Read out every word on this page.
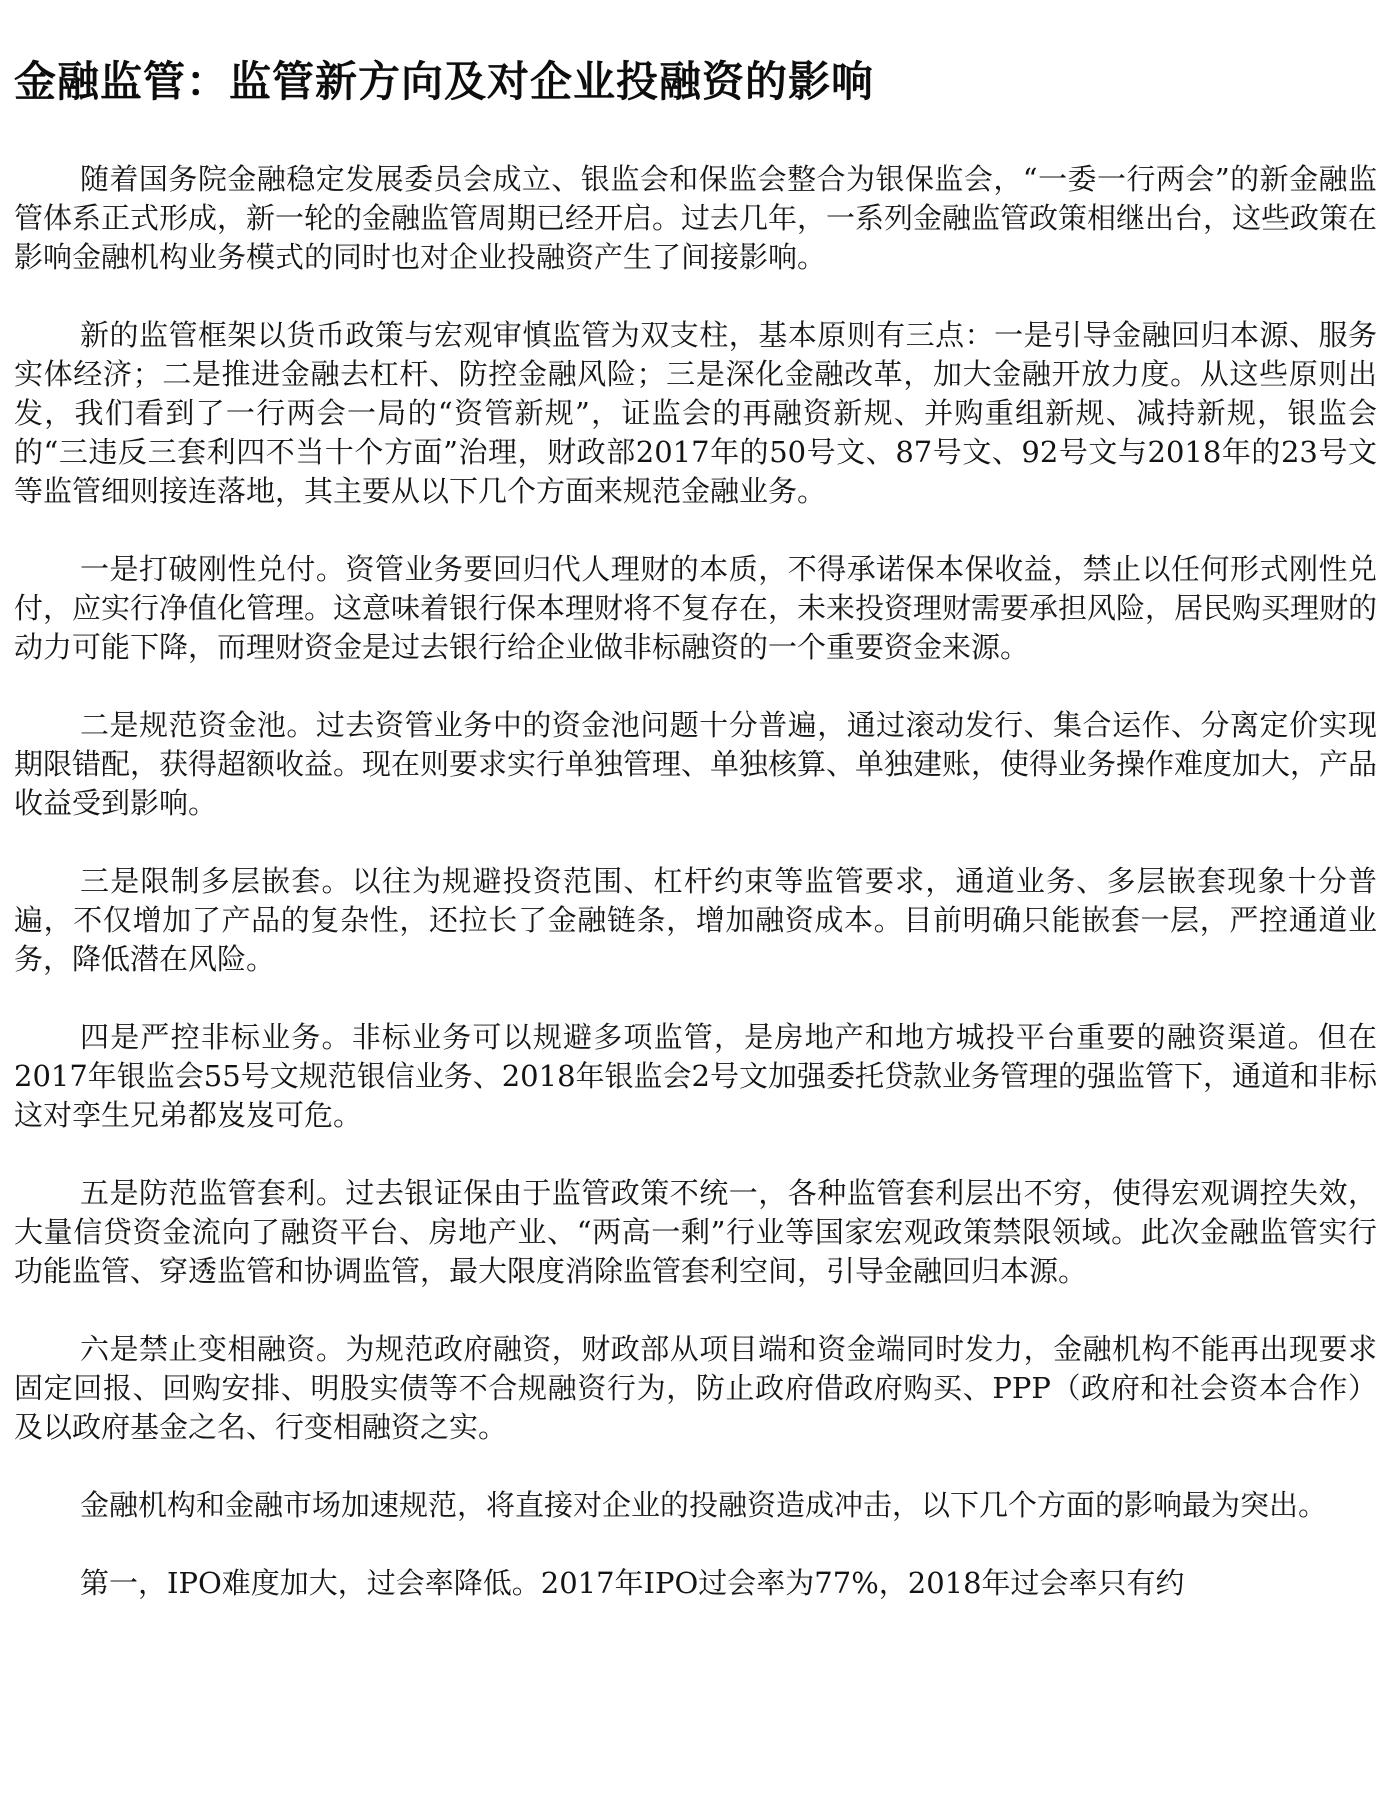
金融监管：监管新方向及对企业投融资的影响

随着国务院金融稳定发展委员会成立、银监会和保监会整合为银保监会，“一委一行两会”的新金融监管体系正式形成，新一轮的金融监管周期已经开启。过去几年，一系列金融监管政策相继出台，这些政策在影响金融机构业务模式的同时也对企业投融资产生了间接影响。

新的监管框架以货币政策与宏观审慎监管为双支柱，基本原则有三点：一是引导金融回归本源、服务实体经济；二是推进金融去杠杆、防控金融风险；三是深化金融改革，加大金融开放力度。从这些原则出发，我们看到了一行两会一局的“资管新规”，证监会的再融资新规、并购重组新规、减持新规，银监会的“三违反三套利四不当十个方面”治理，财政部2017年的50号文、87号文、92号文与2018年的23号文等监管细则接连落地，其主要从以下几个方面来规范金融业务。

一是打破刚性兑付。资管业务要回归代人理财的本质，不得承诺保本保收益，禁止以任何形式刚性兑付，应实行净值化管理。这意味着银行保本理财将不复存在，未来投资理财需要承担风险，居民购买理财的动力可能下降，而理财资金是过去银行给企业做非标融资的一个重要资金来源。

二是规范资金池。过去资管业务中的资金池问题十分普遍，通过滚动发行、集合运作、分离定价实现期限错配，获得超额收益。现在则要求实行单独管理、单独核算、单独建账，使得业务操作难度加大，产品收益受到影响。

三是限制多层嵌套。以往为规避投资范围、杠杆约束等监管要求，通道业务、多层嵌套现象十分普遍，不仅增加了产品的复杂性，还拉长了金融链条，增加融资成本。目前明确只能嵌套一层，严控通道业务，降低潜在风险。

四是严控非标业务。非标业务可以规避多项监管，是房地产和地方城投平台重要的融资渠道。但在2017年银监会55号文规范银信业务、2018年银监会2号文加强委托贷款业务管理的强监管下，通道和非标这对孪生兄弟都岌岌可危。

五是防范监管套利。过去银证保由于监管政策不统一，各种监管套利层出不穷，使得宏观调控失效，大量信贷资金流向了融资平台、房地产业、“两高一剩”行业等国家宏观政策禁限领域。此次金融监管实行功能监管、穿透监管和协调监管，最大限度消除监管套利空间，引导金融回归本源。

六是禁止变相融资。为规范政府融资，财政部从项目端和资金端同时发力，金融机构不能再出现要求固定回报、回购安排、明股实债等不合规融资行为，防止政府借政府购买、PPP（政府和社会资本合作）及以政府基金之名、行变相融资之实。

金融机构和金融市场加速规范，将直接对企业的投融资造成冲击，以下几个方面的影响最为突出。

第一，IPO难度加大，过会率降低。2017年IPO过会率为77%，2018年过会率只有约
